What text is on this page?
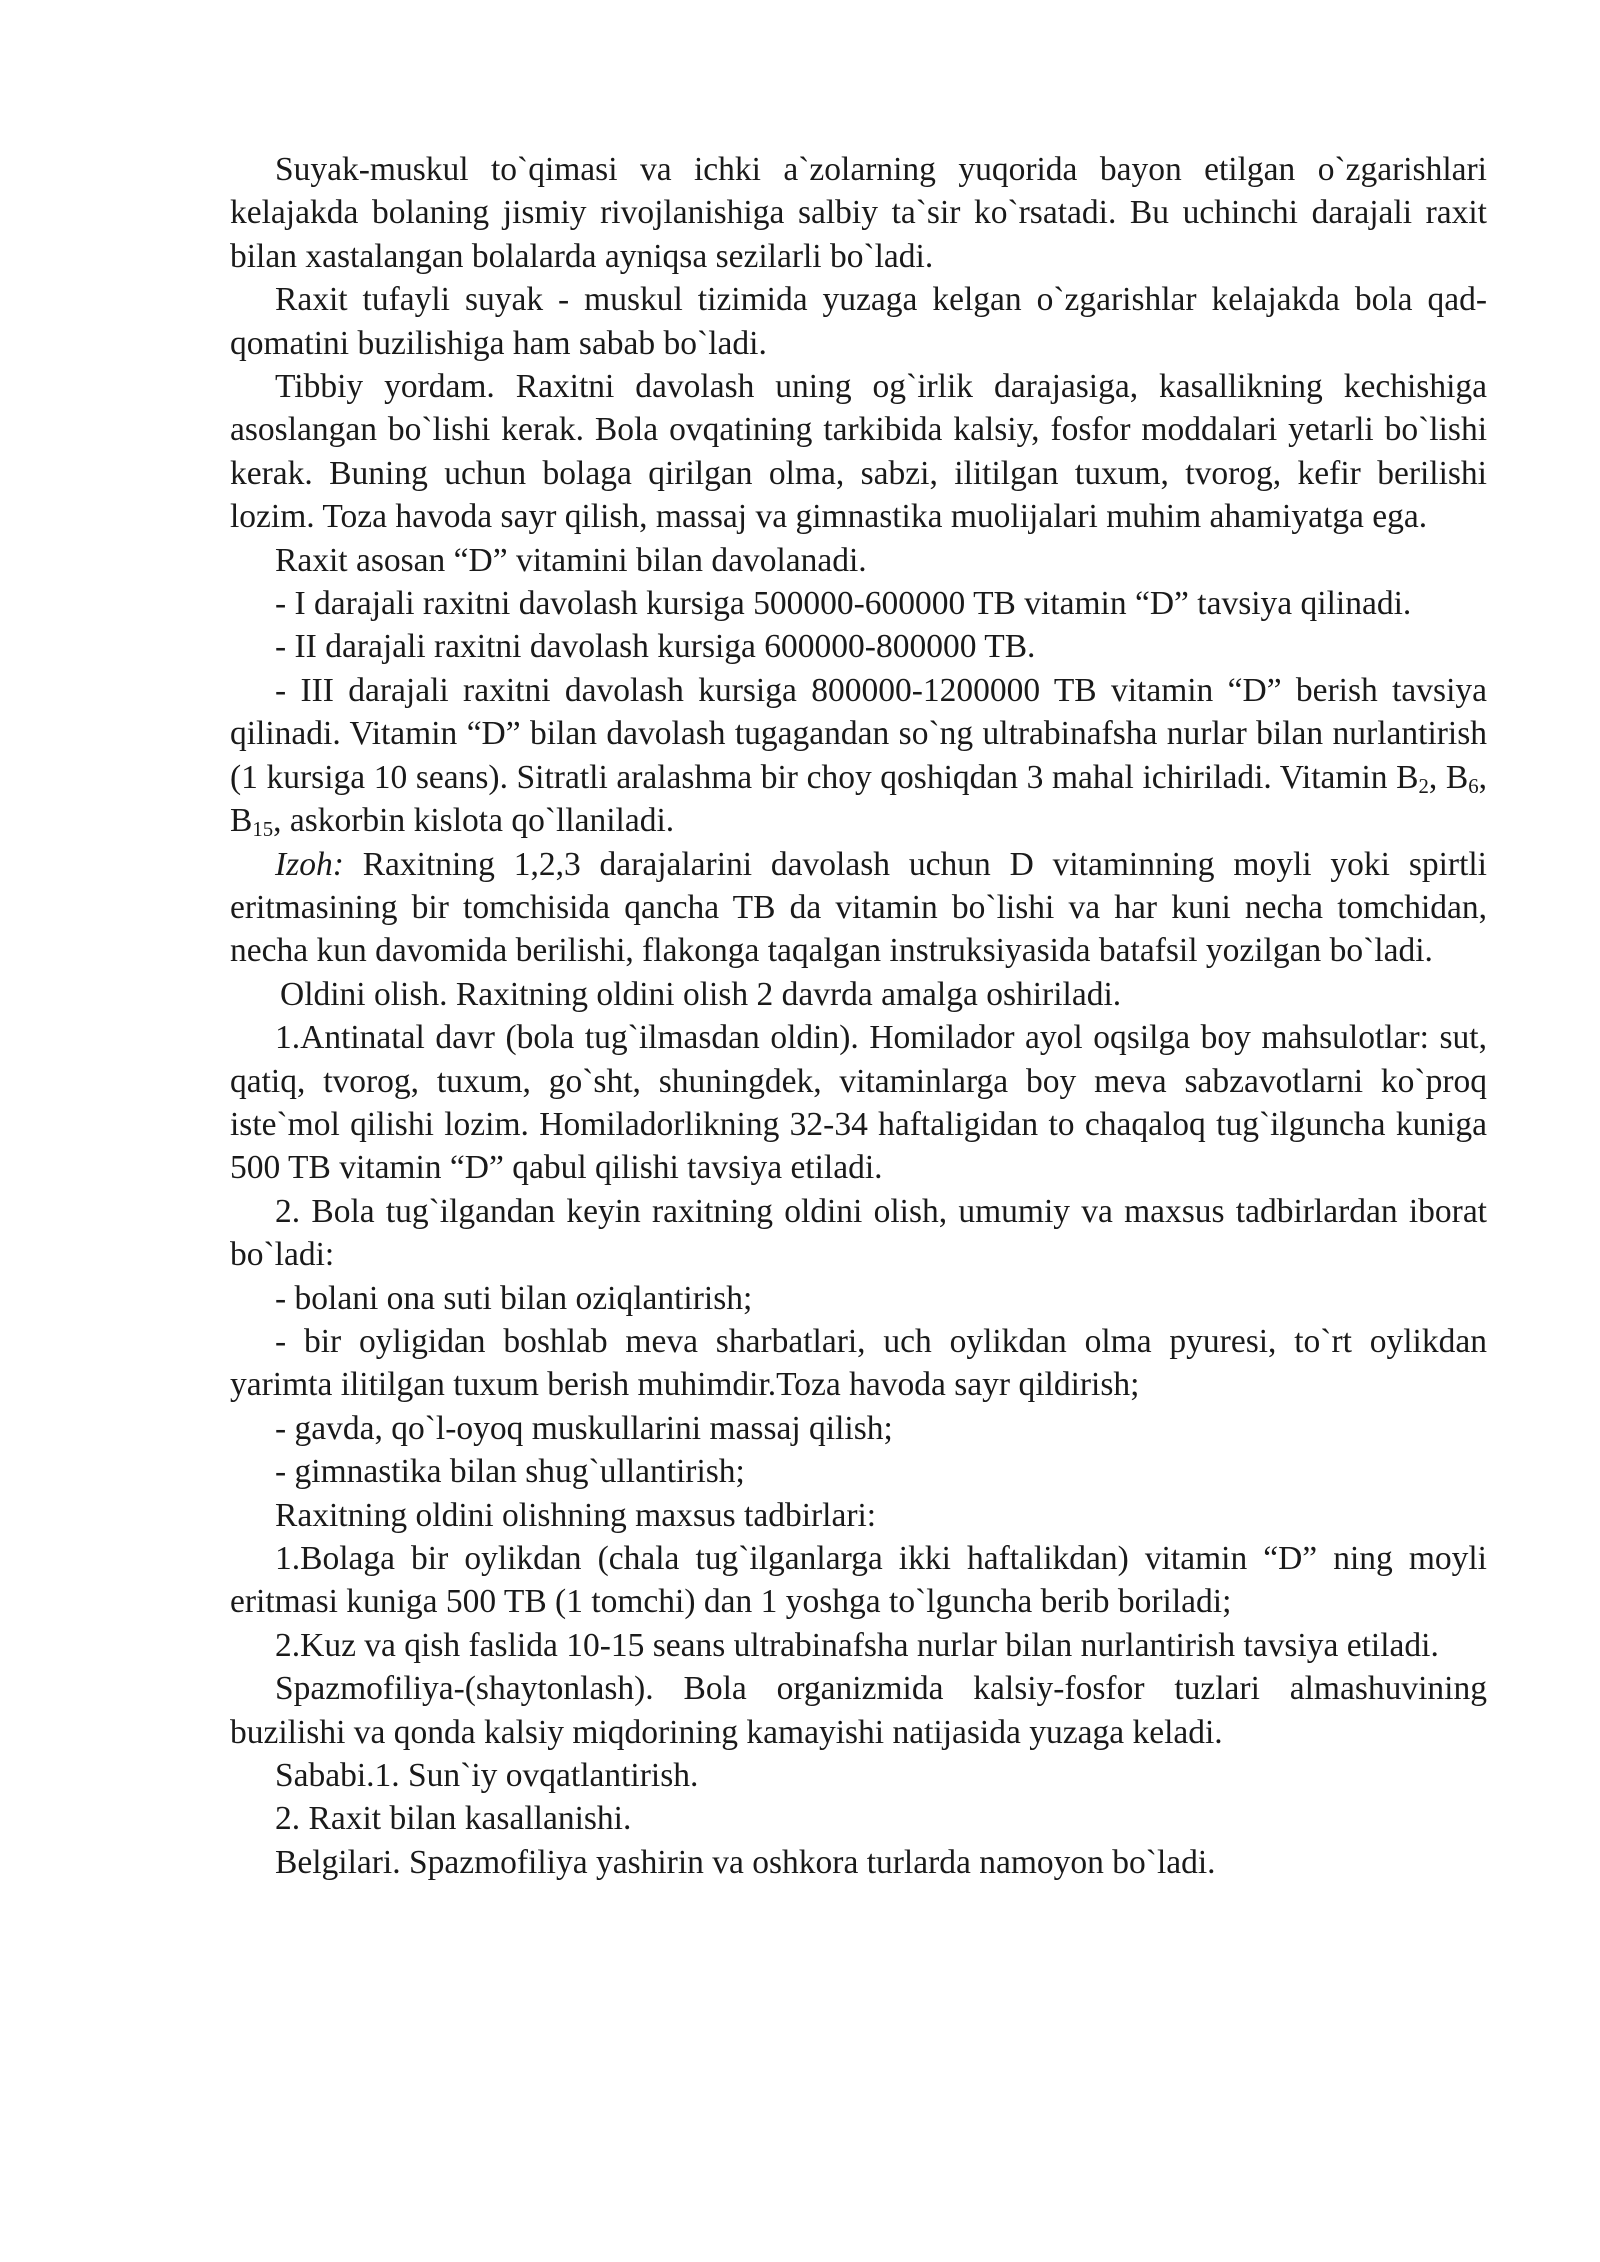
Suyak-muskul to`qimasi va ichki a`zolarning yuqorida bayon etilgan o`zgarishlari kelajakda bolaning jismiy rivojlanishiga salbiy ta`sir ko`rsatadi. Bu uchinchi darajali raxit bilan xastalangan bolalarda ayniqsa sezilarli bo`ladi.

Raxit tufayli suyak - muskul tizimida yuzaga kelgan o`zgarishlar kelajakda bola qad-qomatini buzilishiga ham sabab bo`ladi.

Tibbiy yordam. Raxitni davolash uning og`irlik darajasiga, kasallikning kechishiga asoslangan bo`lishi kerak. Bola ovqatining tarkibida kalsiy, fosfor moddalari yetarli bo`lishi kerak. Buning uchun bolaga qirilgan olma, sabzi, ilitilgan tuxum, tvorog, kefir berilishi lozim. Toza havoda sayr qilish, massaj va gimnastika muolijalari muhim ahamiyatga ega.

Raxit asosan “D” vitamini bilan davolanadi.

- I darajali raxitni davolash kursiga 500000-600000 TB vitamin “D” tavsiya qilinadi.

- II darajali raxitni davolash kursiga 600000-800000 TB.

- III darajali raxitni davolash kursiga 800000-1200000 TB vitamin “D” berish tavsiya qilinadi. Vitamin “D” bilan davolash tugagandan so`ng ultrabinafsha nurlar bilan nurlantirish (1 kursiga 10 seans). Sitratli aralashma bir choy qoshiqdan 3 mahal ichiriladi. Vitamin $B_2$, $B_6$, $B_{15}$, askorbin kislota qo`llaniladi.

Izoh: Raxitning 1,2,3 darajalarini davolash uchun D vitaminning moyli yoki spirtli eritmasining bir tomchisida qancha TB da vitamin bo`lishi va har kuni necha tomchidan, necha kun davomida berilishi, flakonga taqalgan instruksiyasida batafsil yozilgan bo`ladi.

Oldini olish. Raxitning oldini olish 2 davrda amalga oshiriladi.

1.Antinatal davr (bola tug`ilmasdan oldin). Homilador ayol oqsilga boy mahsulotlar: sut, qatiq, tvorog, tuxum, go`sht, shuningdek, vitaminlarga boy meva sabzavotlarni ko`proq iste`mol qilishi lozim. Homiladorlikning 32-34 haftaligidan to chaqaloq tug`ilguncha kuniga 500 TB vitamin “D” qabul qilishi tavsiya etiladi.

2. Bola tug`ilgandan keyin raxitning oldini olish, umumiy va maxsus tadbirlardan iborat bo`ladi:

- bolani ona suti bilan oziqlantirish;

- bir oyligidan boshlab meva sharbatlari, uch oylikdan olma pyuresi, to`rt oylikdan yarimta ilitilgan tuxum berish muhimdir.Toza havoda sayr qildirish;

- gavda, qo`l-oyoq muskullarini massaj qilish;

- gimnastika bilan shug`ullantirish;

Raxitning oldini olishning maxsus tadbirlari:

1.Bolaga bir oylikdan (chala tug`ilganlarga ikki haftalikdan) vitamin “D” ning moyli eritmasi kuniga 500 TB (1 tomchi) dan 1 yoshga to`lguncha berib boriladi;

2.Kuz va qish faslida 10-15 seans ultrabinafsha nurlar bilan nurlantirish tavsiya etiladi.

Spazmofiliya-(shaytonlash). Bola organizmida kalsiy-fosfor tuzlari almashuvining buzilishi va qonda kalsiy miqdorining kamayishi natijasida yuzaga keladi.

Sababi.1. Sun`iy ovqatlantirish.

2. Raxit bilan kasallanishi.

Belgilari. Spazmofiliya yashirin va oshkora turlarda namoyon bo`ladi.
